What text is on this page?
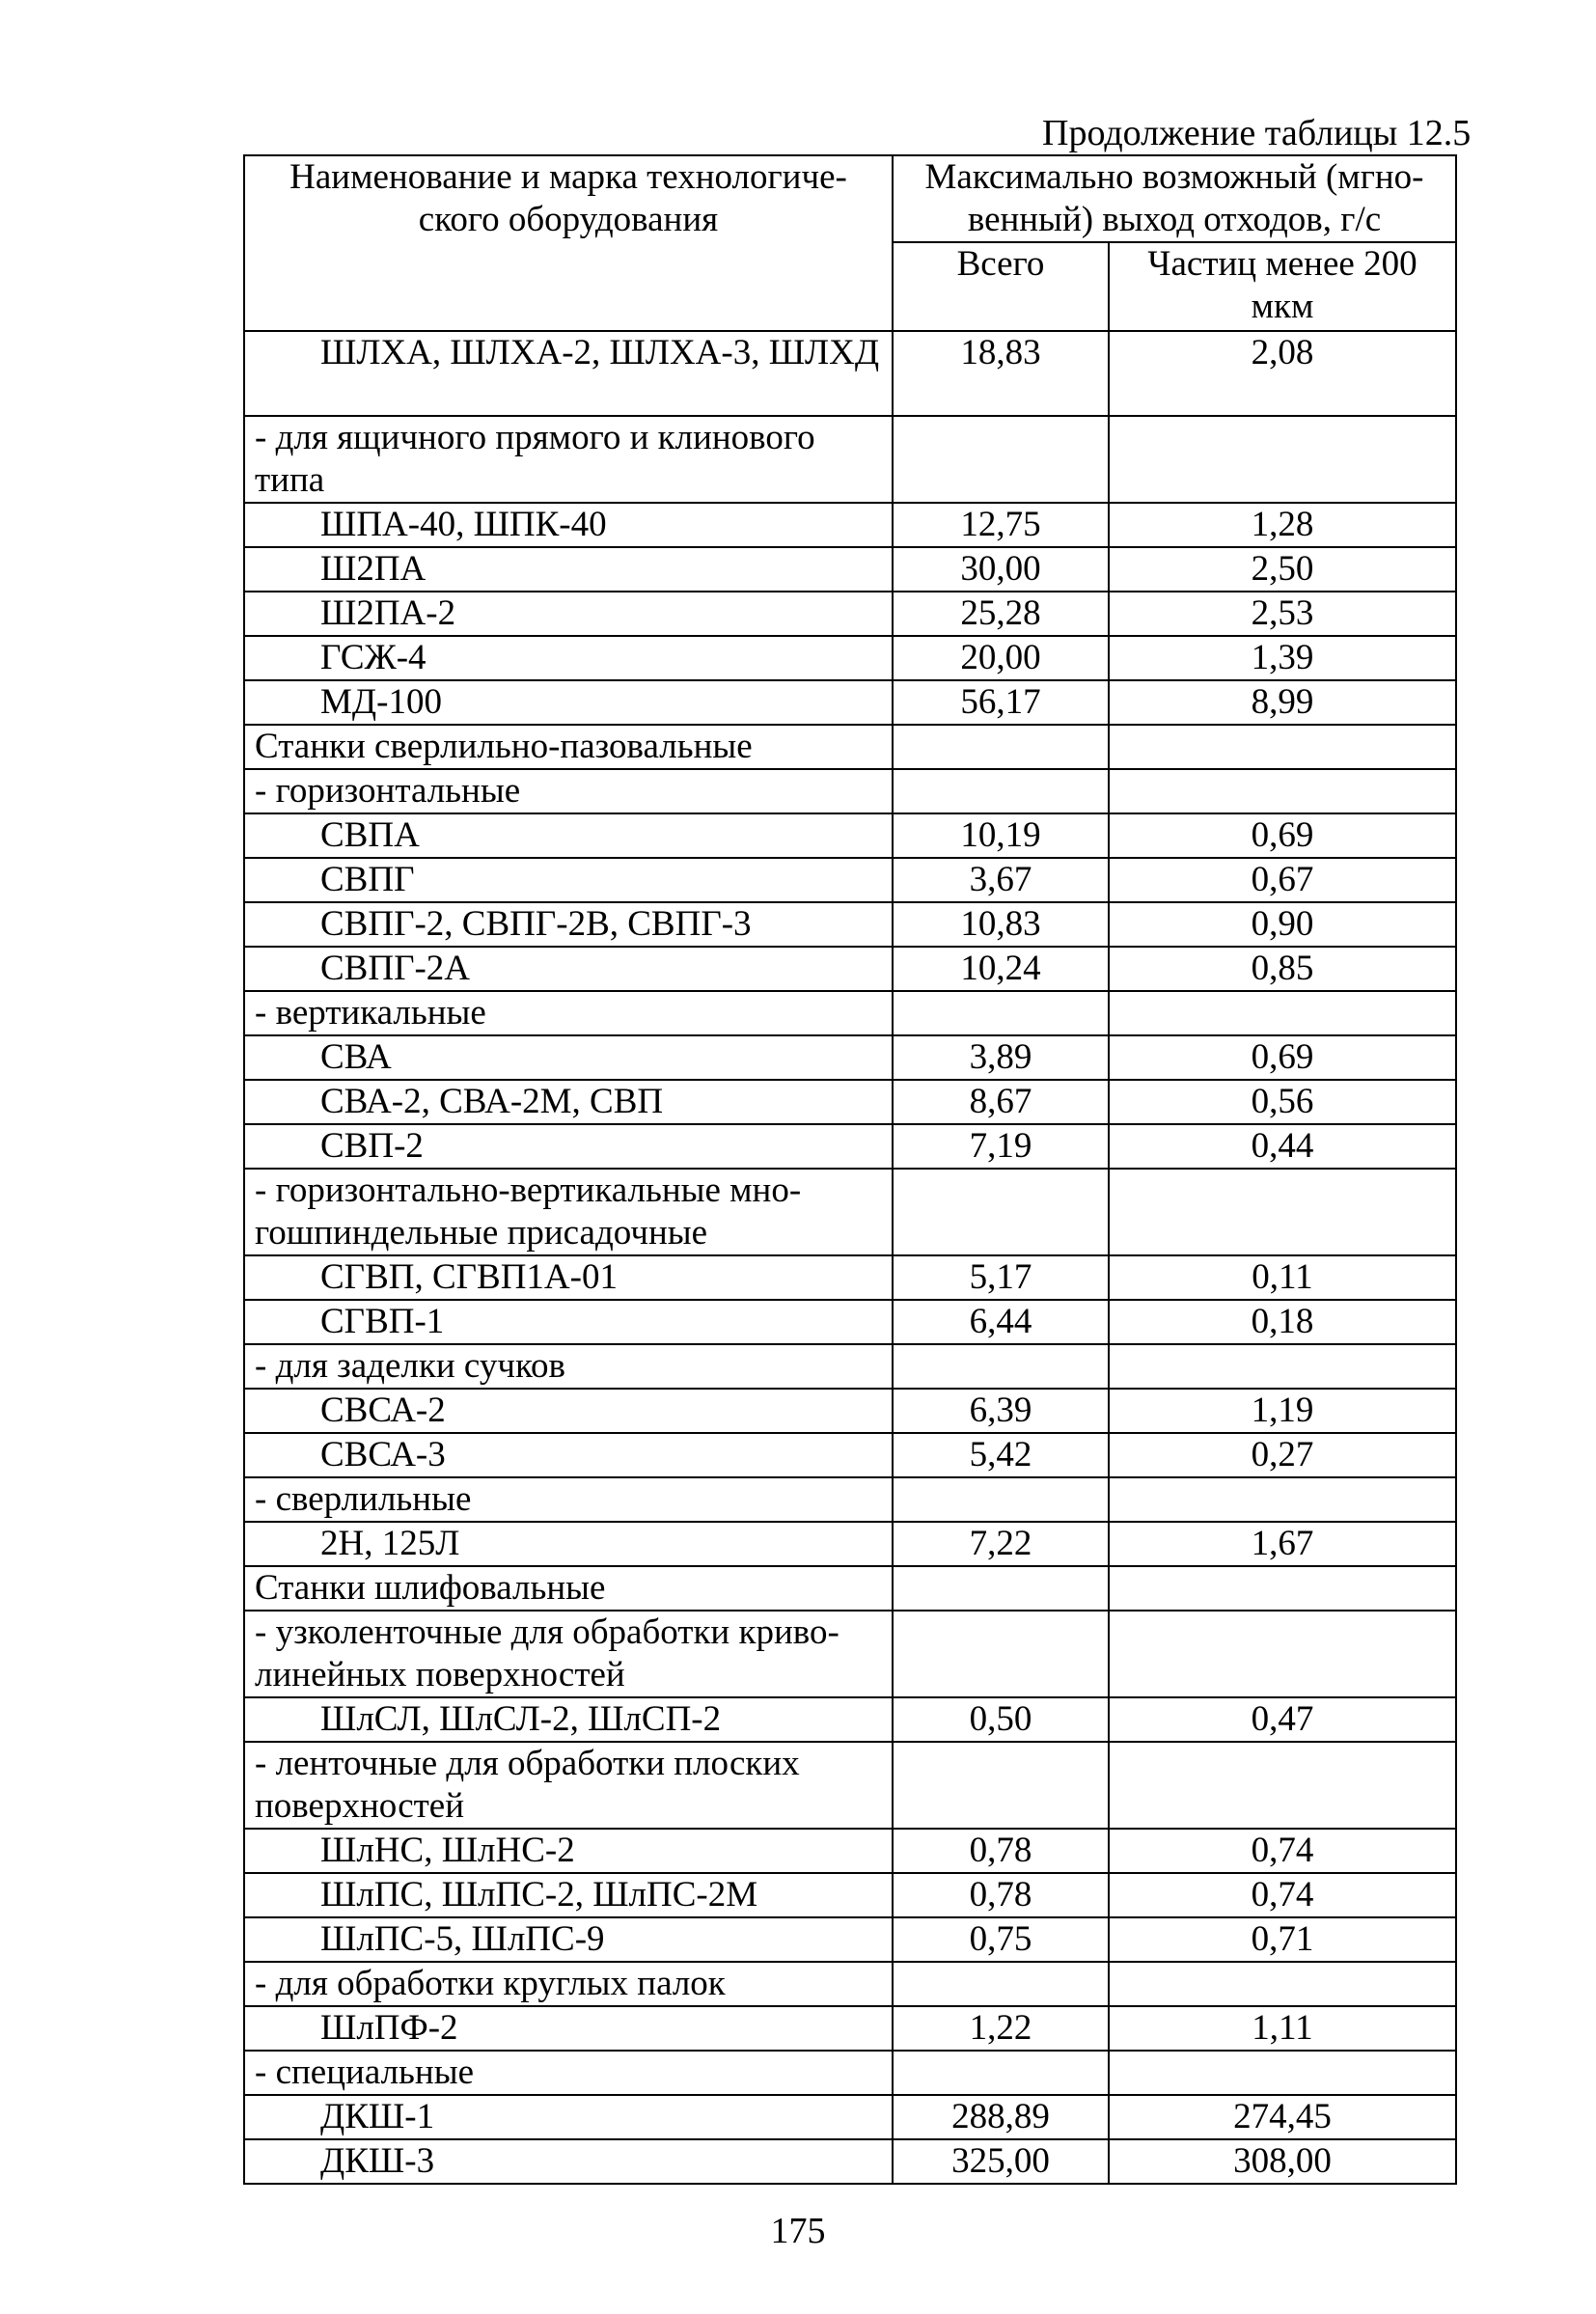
Продолжение таблицы 12.5
Наименование и марка технологиче-ского оборудования	Максимально возможный (мгно-венный) выход отходов, г/с	
	Всего	Частиц менее 200 мкм
ШЛХА, ШЛХА-2, ШЛХА-3, ШЛХД	18,83	2,08
- для ящичного прямого и клинового типа		
ШПА-40, ШПК-40	12,75	1,28
Ш2ПА	30,00	2,50
Ш2ПА-2	25,28	2,53
ГСЖ-4	20,00	1,39
МД-100	56,17	8,99
Станки сверлильно-пазовальные		
- горизонтальные		
СВПА	10,19	0,69
СВПГ	3,67	0,67
СВПГ-2, СВПГ-2В, СВПГ-3	10,83	0,90
СВПГ-2А	10,24	0,85
- вертикальные		
СВА	3,89	0,69
СВА-2, СВА-2М, СВП	8,67	0,56
СВП-2	7,19	0,44
- горизонтально-вертикальные мно-гошпиндельные присадочные		
СГВП, СГВП1А-01	5,17	0,11
СГВП-1	6,44	0,18
- для заделки сучков		
СВСА-2	6,39	1,19
СВСА-3	5,42	0,27
- сверлильные		
2Н, 125Л	7,22	1,67
Станки шлифовальные		
- узколенточные для обработки криво-линейных поверхностей		
ШлСЛ, ШлСЛ-2, ШлСП-2	0,50	0,47
- ленточные для обработки плоских поверхностей		
ШлНС, ШлНС-2	0,78	0,74
ШлПС, ШлПС-2, ШлПС-2М	0,78	0,74
ШлПС-5, ШлПС-9	0,75	0,71
- для обработки круглых палок		
ШлПФ-2	1,22	1,11
- специальные		
ДКШ-1	288,89	274,45
ДКШ-3	325,00	308,00
175
